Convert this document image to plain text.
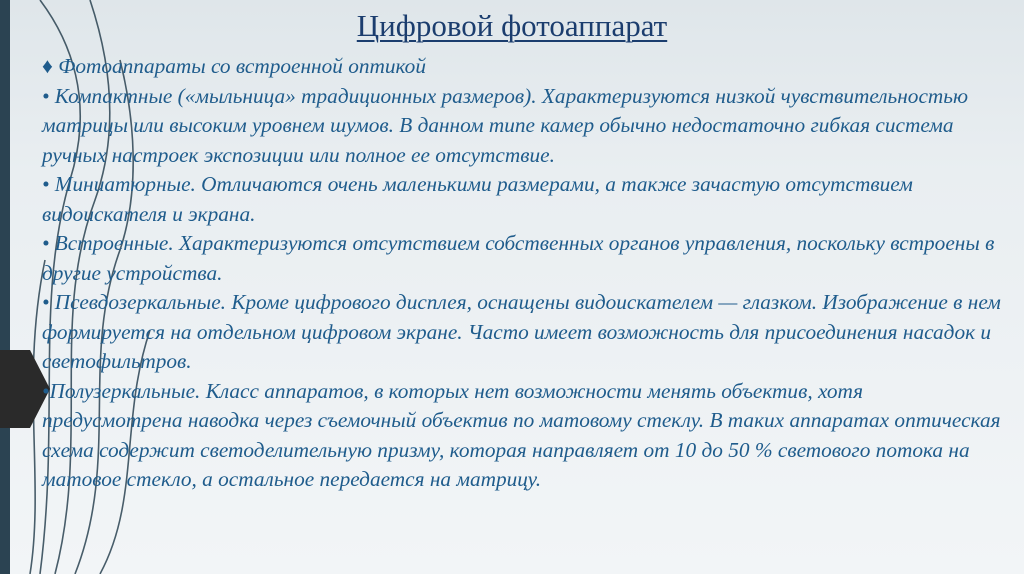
Цифровой фотоаппарат

♦ Фотоаппараты со встроенной оптикой

• Компактные («мыльница» традиционных размеров). Характеризуются низкой чувствительностью матрицы или высоким уровнем шумов. В данном типе камер обычно недостаточно гибкая система ручных настроек экспозиции или полное ее отсутствие.

• Миниатюрные. Отличаются очень маленькими размерами, а также зачастую отсутствием видоискателя и экрана.

• Встроенные. Характеризуются отсутствием собственных органов управления, поскольку встроены в другие устройства.

• Псевдозеркальные. Кроме цифрового дисплея, оснащены видоискателем — глазком. Изображение в нем формируется на отдельном цифровом экране. Часто имеет возможность для присоединения насадок и светофильтров.

•Полузеркальные. Класс аппаратов, в которых нет возможности менять объектив, хотя предусмотрена наводка через съемочный объектив по матовому стеклу. В таких аппаратах оптическая схема содержит светоделительную призму, которая направляет от 10 до 50 % светового потока на матовое стекло, а остальное передается на матрицу.
